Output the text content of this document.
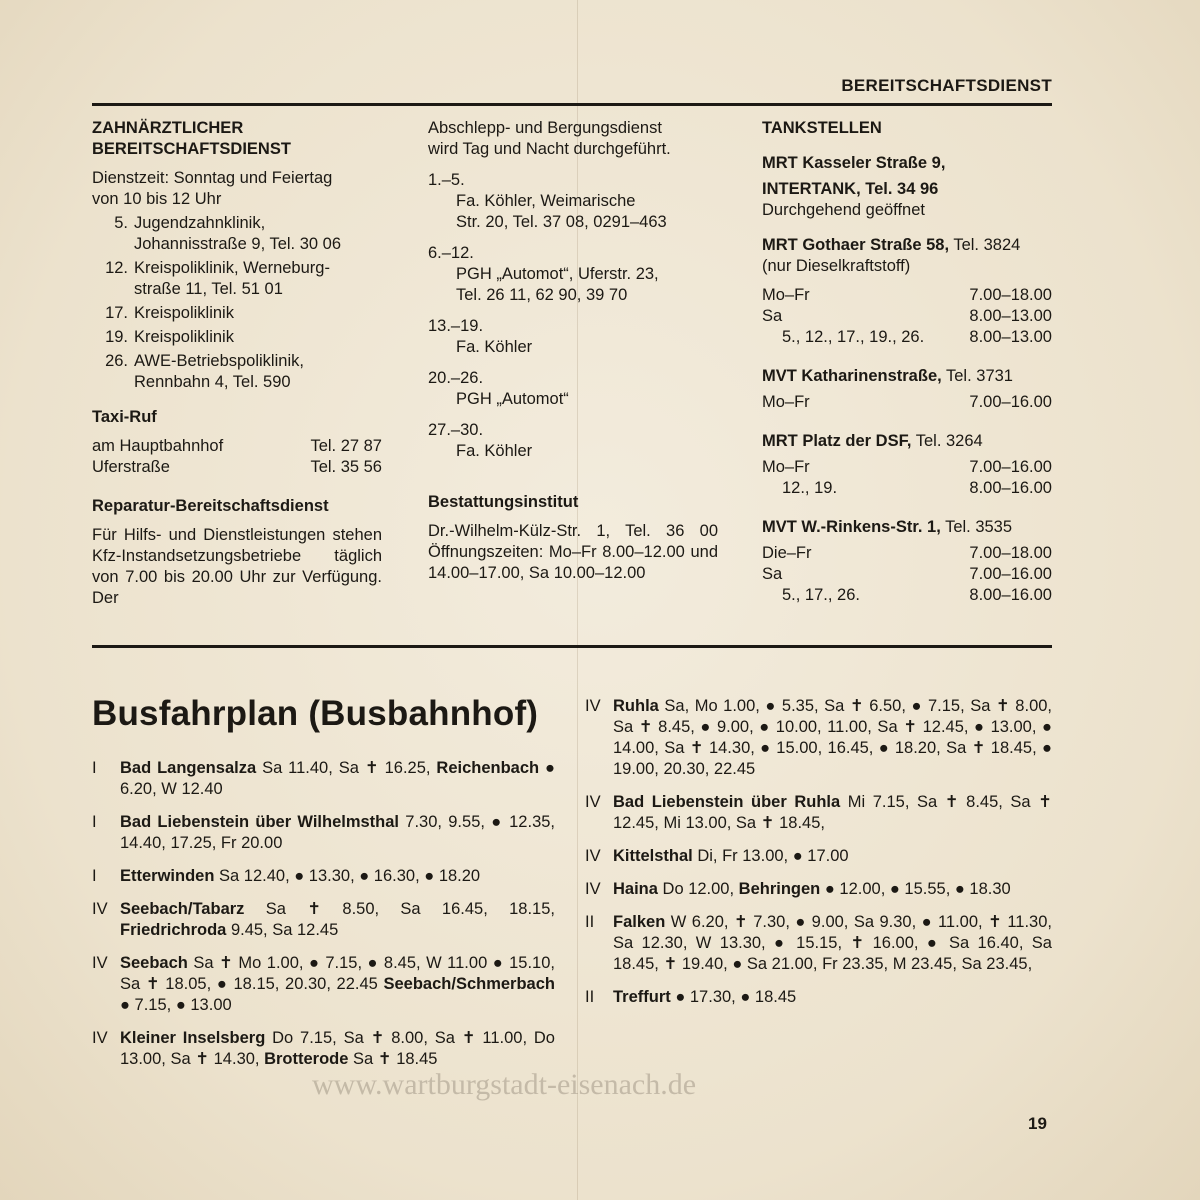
BEREITSCHAFTSDIENST
ZAHNÄRZTLICHER
BEREITSCHAFTSDIENST
Dienstzeit: Sonntag und Feiertag
von 10 bis 12 Uhr
5. Jugendzahnklinik,
Johannisstraße 9, Tel. 30 06
12. Kreispoliklinik, Werneburg-
straße 11, Tel. 51 01
17. Kreispoliklinik
19. Kreispoliklinik
26. AWE-Betriebspoliklinik,
Rennbahn 4, Tel. 590
Taxi-Ruf
am Hauptbahnhof	Tel. 27 87
Uferstraße	Tel. 35 56
Reparatur-Bereitschaftsdienst
Für Hilfs- und Dienstleistungen stehen Kfz-Instandsetzungsbetriebe täglich von 7.00 bis 20.00 Uhr zur Verfügung. Der
Abschlepp- und Bergungsdienst
wird Tag und Nacht durchgeführt.
1.–5.
Fa. Köhler, Weimarische
Str. 20, Tel. 37 08, 0291–463
6.–12.
PGH „Automot“, Uferstr. 23,
Tel. 26 11, 62 90, 39 70
13.–19.
Fa. Köhler
20.–26.
PGH „Automot“
27.–30.
Fa. Köhler
Bestattungsinstitut
Dr.-Wilhelm-Külz-Str. 1, Tel. 36 00 Öffnungszeiten: Mo–Fr 8.00–12.00 und 14.00–17.00, Sa 10.00–12.00
TANKSTELLEN
MRT Kasseler Straße 9,
INTERTANK, Tel. 34 96
Durchgehend geöffnet
MRT Gothaer Straße 58, Tel. 3824
(nur Dieselkraftstoff)
Mo–Fr	7.00–18.00
Sa	8.00–13.00
5., 12., 17., 19., 26.	8.00–13.00
MVT Katharinenstraße, Tel. 3731
Mo–Fr	7.00–16.00
MRT Platz der DSF, Tel. 3264
Mo–Fr	7.00–16.00
12., 19.	8.00–16.00
MVT W.-Rinkens-Str. 1, Tel. 3535
Die–Fr	7.00–18.00
Sa	7.00–16.00
5., 17., 26.	8.00–16.00
Busfahrplan (Busbahnhof)
I	Bad Langensalza Sa 11.40, Sa ✝ 16.25, Reichenbach ● 6.20, W 12.40
I	Bad Liebenstein über Wilhelmsthal 7.30, 9.55, ● 12.35, 14.40, 17.25, Fr 20.00
I	Etterwinden Sa 12.40, ● 13.30, ● 16.30, ● 18.20
IV Seebach/Tabarz Sa ✝ 8.50, Sa 16.45, 18.15, Friedrichroda 9.45, Sa 12.45
IV Seebach Sa ✝ Mo 1.00, ● 7.15, ● 8.45, W 11.00 ● 15.10, Sa ✝ 18.05, ● 18.15, 20.30, 22.45 Seebach/Schmerbach ● 7.15, ● 13.00
IV Kleiner Inselsberg Do 7.15, Sa ✝ 8.00, Sa ✝ 11.00, Do 13.00, Sa ✝ 14.30, Brotterode Sa ✝ 18.45
IV Ruhla Sa, Mo 1.00, ● 5.35, Sa ✝ 6.50, ● 7.15, Sa ✝ 8.00, Sa ✝ 8.45, ● 9.00, ● 10.00, 11.00, Sa ✝ 12.45, ● 13.00, ● 14.00, Sa ✝ 14.30, ● 15.00, 16.45, ● 18.20, Sa ✝ 18.45, ● 19.00, 20.30, 22.45
IV Bad Liebenstein über Ruhla Mi 7.15, Sa ✝ 8.45, Sa ✝ 12.45, Mi 13.00, Sa ✝ 18.45,
IV Kittelsthal Di, Fr 13.00, ● 17.00
IV Haina Do 12.00, Behringen ● 12.00, ● 15.55, ● 18.30
II	Falken W 6.20, ✝ 7.30, ● 9.00, Sa 9.30, ● 11.00, ✝ 11.30, Sa 12.30, W 13.30, ● 15.15, ✝ 16.00, ● Sa 16.40, Sa 18.45, ✝ 19.40, ● Sa 21.00, Fr 23.35, M 23.45, Sa 23.45,
II	Treffurt ● 17.30, ● 18.45
www.wartburgstadt-eisenach.de
19
